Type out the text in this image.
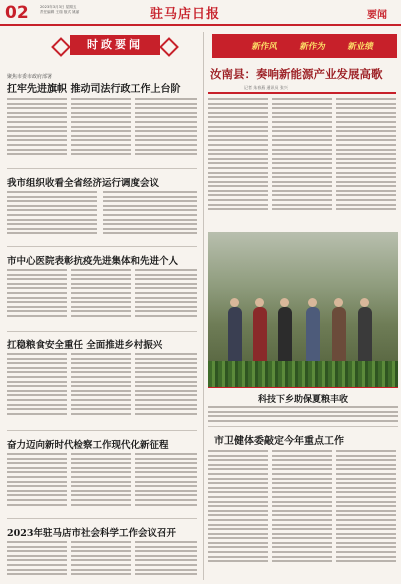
02	2023年3月3日 星期五
责任编辑 王瑞 版式 姚丽	驻马店日报	要闻
时政要闻
聚焦市委市政府部署
扛牢先进旗帜 推动司法行政工作上台阶
我市组织收看全省经济运行调度会议
市中心医院表彰抗疫先进集体和先进个人
扛稳粮食安全重任 全面推进乡村振兴
奋力迈向新时代检察工作现代化新征程
2023年驻马店市社会科学工作会议召开
新作风 新作为 新业绩
汝南县：奏响新能源产业发展高歌
记者 朱春燕 通讯员 张兴
科技下乡助保夏粮丰收
市卫健体委敲定今年重点工作
